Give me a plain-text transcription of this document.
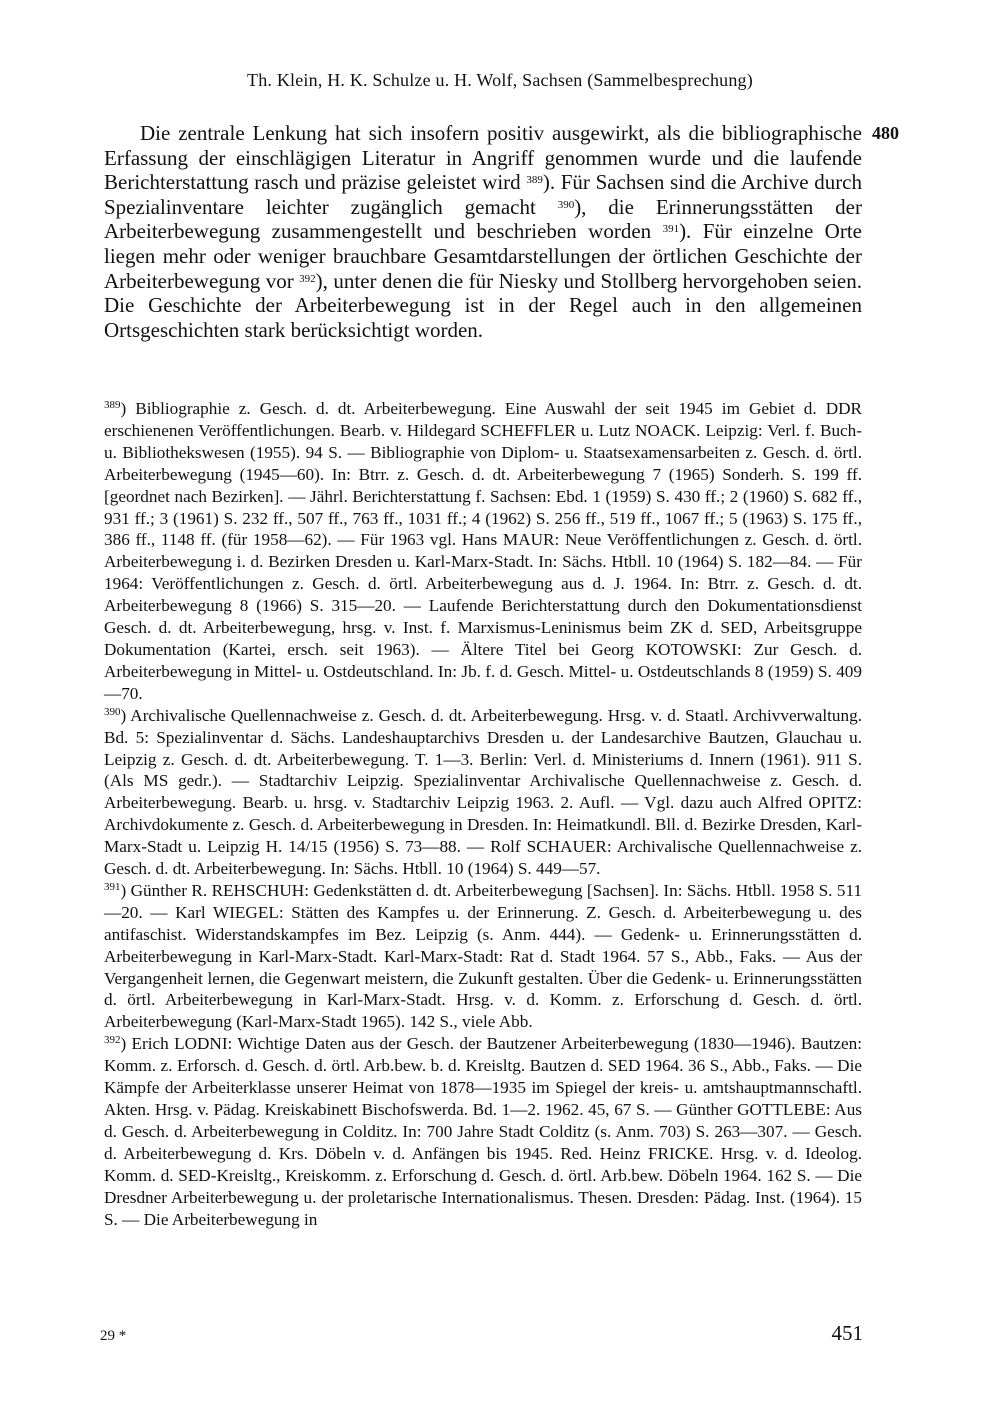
Th. Klein, H. K. Schulze u. H. Wolf, Sachsen (Sammelbesprechung)
480

Die zentrale Lenkung hat sich insofern positiv ausgewirkt, als die bibliographische Erfassung der einschlägigen Literatur in Angriff genommen wurde und die laufende Berichterstattung rasch und präzise geleistet wird $^{389}$). Für Sachsen sind die Archive durch Spezialinventare leichter zugänglich gemacht $^{390}$), die Erinnerungsstätten der Arbeiterbewegung zusammengestellt und beschrieben worden $^{391}$). Für einzelne Orte liegen mehr oder weniger brauchbare Gesamtdarstellungen der örtlichen Geschichte der Arbeiterbewegung vor $^{392}$), unter denen die für Niesky und Stollberg hervorgehoben seien. Die Geschichte der Arbeiterbewegung ist in der Regel auch in den allgemeinen Ortsgeschichten stark berücksichtigt worden.

$^{389}$) Bibliographie z. Gesch. d. dt. Arbeiterbewegung. Eine Auswahl der seit 1945 im Gebiet d. DDR erschienenen Veröffentlichungen. Bearb. v. Hildegard SCHEFFLER u. Lutz NOACK. Leipzig: Verl. f. Buch- u. Bibliothekswesen (1955). 94 S. — Bibliographie von Diplom- u. Staatsexamensarbeiten z. Gesch. d. örtl. Arbeiterbewegung (1945—60). In: Btrr. z. Gesch. d. dt. Arbeiterbewegung 7 (1965) Sonderh. S. 199 ff. [geordnet nach Bezirken]. — Jährl. Berichterstattung f. Sachsen: Ebd. 1 (1959) S. 430 ff.; 2 (1960) S. 682 ff., 931 ff.; 3 (1961) S. 232 ff., 507 ff., 763 ff., 1031 ff.; 4 (1962) S. 256 ff., 519 ff., 1067 ff.; 5 (1963) S. 175 ff., 386 ff., 1148 ff. (für 1958—62). — Für 1963 vgl. Hans MAUR: Neue Veröffentlichungen z. Gesch. d. örtl. Arbeiterbewegung i. d. Bezirken Dresden u. Karl-Marx-Stadt. In: Sächs. Htbll. 10 (1964) S. 182—84. — Für 1964: Veröffentlichungen z. Gesch. d. örtl. Arbeiterbewegung aus d. J. 1964. In: Btrr. z. Gesch. d. dt. Arbeiterbewegung 8 (1966) S. 315—20. — Laufende Berichterstattung durch den Dokumentationsdienst Gesch. d. dt. Arbeiterbewegung, hrsg. v. Inst. f. Marxismus-Leninismus beim ZK d. SED, Arbeitsgruppe Dokumentation (Kartei, ersch. seit 1963). — Ältere Titel bei Georg KOTOWSKI: Zur Gesch. d. Arbeiterbewegung in Mittel- u. Ostdeutschland. In: Jb. f. d. Gesch. Mittel- u. Ostdeutschlands 8 (1959) S. 409—70.

$^{390}$) Archivalische Quellennachweise z. Gesch. d. dt. Arbeiterbewegung. Hrsg. v. d. Staatl. Archivverwaltung. Bd. 5: Spezialinventar d. Sächs. Landeshauptarchivs Dresden u. der Landesarchive Bautzen, Glauchau u. Leipzig z. Gesch. d. dt. Arbeiterbewegung. T. 1—3. Berlin: Verl. d. Ministeriums d. Innern (1961). 911 S. (Als MS gedr.). — Stadtarchiv Leipzig. Spezialinventar Archivalische Quellennachweise z. Gesch. d. Arbeiterbewegung. Bearb. u. hrsg. v. Stadtarchiv Leipzig 1963. 2. Aufl. — Vgl. dazu auch Alfred OPITZ: Archivdokumente z. Gesch. d. Arbeiterbewegung in Dresden. In: Heimatkundl. Bll. d. Bezirke Dresden, Karl-Marx-Stadt u. Leipzig H. 14/15 (1956) S. 73—88. — Rolf SCHAUER: Archivalische Quellennachweise z. Gesch. d. dt. Arbeiterbewegung. In: Sächs. Htbll. 10 (1964) S. 449—57.

$^{391}$) Günther R. REHSCHUH: Gedenkstätten d. dt. Arbeiterbewegung [Sachsen]. In: Sächs. Htbll. 1958 S. 511—20. — Karl WIEGEL: Stätten des Kampfes u. der Erinnerung. Z. Gesch. d. Arbeiterbewegung u. des antifaschist. Widerstandskampfes im Bez. Leipzig (s. Anm. 444). — Gedenk- u. Erinnerungsstätten d. Arbeiterbewegung in Karl-Marx-Stadt. Karl-Marx-Stadt: Rat d. Stadt 1964. 57 S., Abb., Faks. — Aus der Vergangenheit lernen, die Gegenwart meistern, die Zukunft gestalten. Über die Gedenk- u. Erinnerungsstätten d. örtl. Arbeiterbewegung in Karl-Marx-Stadt. Hrsg. v. d. Komm. z. Erforschung d. Gesch. d. örtl. Arbeiterbewegung (Karl-Marx-Stadt 1965). 142 S., viele Abb.

$^{392}$) Erich LODNI: Wichtige Daten aus der Gesch. der Bautzener Arbeiterbewegung (1830—1946). Bautzen: Komm. z. Erforsch. d. Gesch. d. örtl. Arb.bew. b. d. Kreisltg. Bautzen d. SED 1964. 36 S., Abb., Faks. — Die Kämpfe der Arbeiterklasse unserer Heimat von 1878—1935 im Spiegel der kreis- u. amtshauptmannschaftl. Akten. Hrsg. v. Pädag. Kreiskabinett Bischofswerda. Bd. 1—2. 1962. 45, 67 S. — Günther GOTTLEBE: Aus d. Gesch. d. Arbeiterbewegung in Colditz. In: 700 Jahre Stadt Colditz (s. Anm. 703) S. 263—307. — Gesch. d. Arbeiterbewegung d. Krs. Döbeln v. d. Anfängen bis 1945. Red. Heinz FRICKE. Hrsg. v. d. Ideolog. Komm. d. SED-Kreisltg., Kreiskomm. z. Erforschung d. Gesch. d. örtl. Arb.bew. Döbeln 1964. 162 S. — Die Dresdner Arbeiterbewegung u. der proletarische Internationalismus. Thesen. Dresden: Pädag. Inst. (1964). 15 S. — Die Arbeiterbewegung in

29 *	451
